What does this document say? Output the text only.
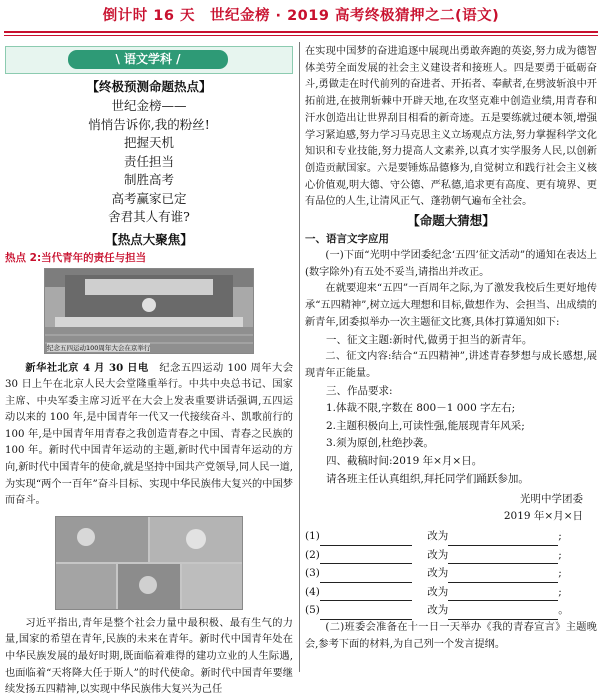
倒计时 16 天　世纪金榜 · 2019 高考终极猜押之二(语文)
\ 语文学科 /
【终极预测命题热点】
世纪金榜——
悄悄告诉你,我的粉丝!
把握天机
责任担当
制胜高考
高考赢家已定
舍君其人有谁?
【热点大聚焦】
热点 2:当代青年的责任与担当
纪念五四运动100周年大会在京举行

新华社北京 4 月 30 日电　纪念五四运动 100 周年大会 30 日上午在北京人民大会堂隆重举行。中共中央总书记、国家主席、中央军委主席习近平在大会上发表重要讲话强调,五四运动以来的 100 年,是中国青年一代又一代接续奋斗、凯歌前行的 100 年,是中国青年用青春之我创造青春之中国、青春之民族的 100 年。新时代中国青年运动的主题,新时代中国青年运动的方向,新时代中国青年的使命,就是坚持中国共产党领导,同人民一道,为实现“两个一百年”奋斗目标、实现中华民族伟大复兴的中国梦而奋斗。

习近平指出,青年是整个社会力量中最积极、最有生气的力量,国家的希望在青年,民族的未来在青年。新时代中国青年处在中华民族发展的最好时期,既面临着难得的建功立业的人生际遇,也面临着“天将降大任于斯人”的时代使命。新时代中国青年要继续发扬五四精神,以实现中华民族伟大复兴为己任

在实现中国梦的奋进追逐中展现出勇敢奔跑的英姿,努力成为德智体美劳全面发展的社会主义建设者和接班人。四是要勇于砥砺奋斗,勇做走在时代前列的奋进者、开拓者、奉献者,在劈波斩浪中开拓前进,在披荆斩棘中开辟天地,在攻坚克难中创造业绩,用青春和汗水创造出让世界刮目相看的新奇迹。五是要练就过硬本领,增强学习紧迫感,努力学习马克思主义立场观点方法,努力掌握科学文化知识和专业技能,努力提高人文素养,以真才实学服务人民,以创新创造贡献国家。六是要锤炼品德修为,自觉树立和践行社会主义核心价值观,明大德、守公德、严私德,追求更有高度、更有境界、更有品位的人生,让清风正气、蓬勃朝气遍布全社会。

【命题大猜想】
一、语言文字应用

(一)下面“光明中学团委纪念‘五四’征文活动”的通知在表达上(数字除外)有五处不妥当,请指出并改正。

在就要迎来“五四”一百周年之际,为了激发我校后生更好地传承“五四精神”,树立远大理想和目标,做想作为、会担当、出成绩的新青年,团委拟举办一次主题征文比赛,具体打算通知如下:

一、征文主题:新时代,做勇于担当的新青年。

二、征文内容:结合“五四精神”,讲述青春梦想与成长感想,展现青年正能量。

三、作品要求:
1.体裁不限,字数在 800－1 000 字左右;
2.主题积极向上,可读性强,能展现青年风采;
3.须为原创,杜绝抄袭。
四、截稿时间:2019 年×月×日。
请各班主任认真组织,拜托同学们踊跃参加。
光明中学团委
2019 年×月×日
(1)	改为	;
(2)	改为	;
(3)	改为	;
(4)	改为	;
(5)	改为	。

(二)班委会准备在十一日一天举办《我的青春宣言》主题晚会,参考下面的材料,为自己列一个发言提纲。
